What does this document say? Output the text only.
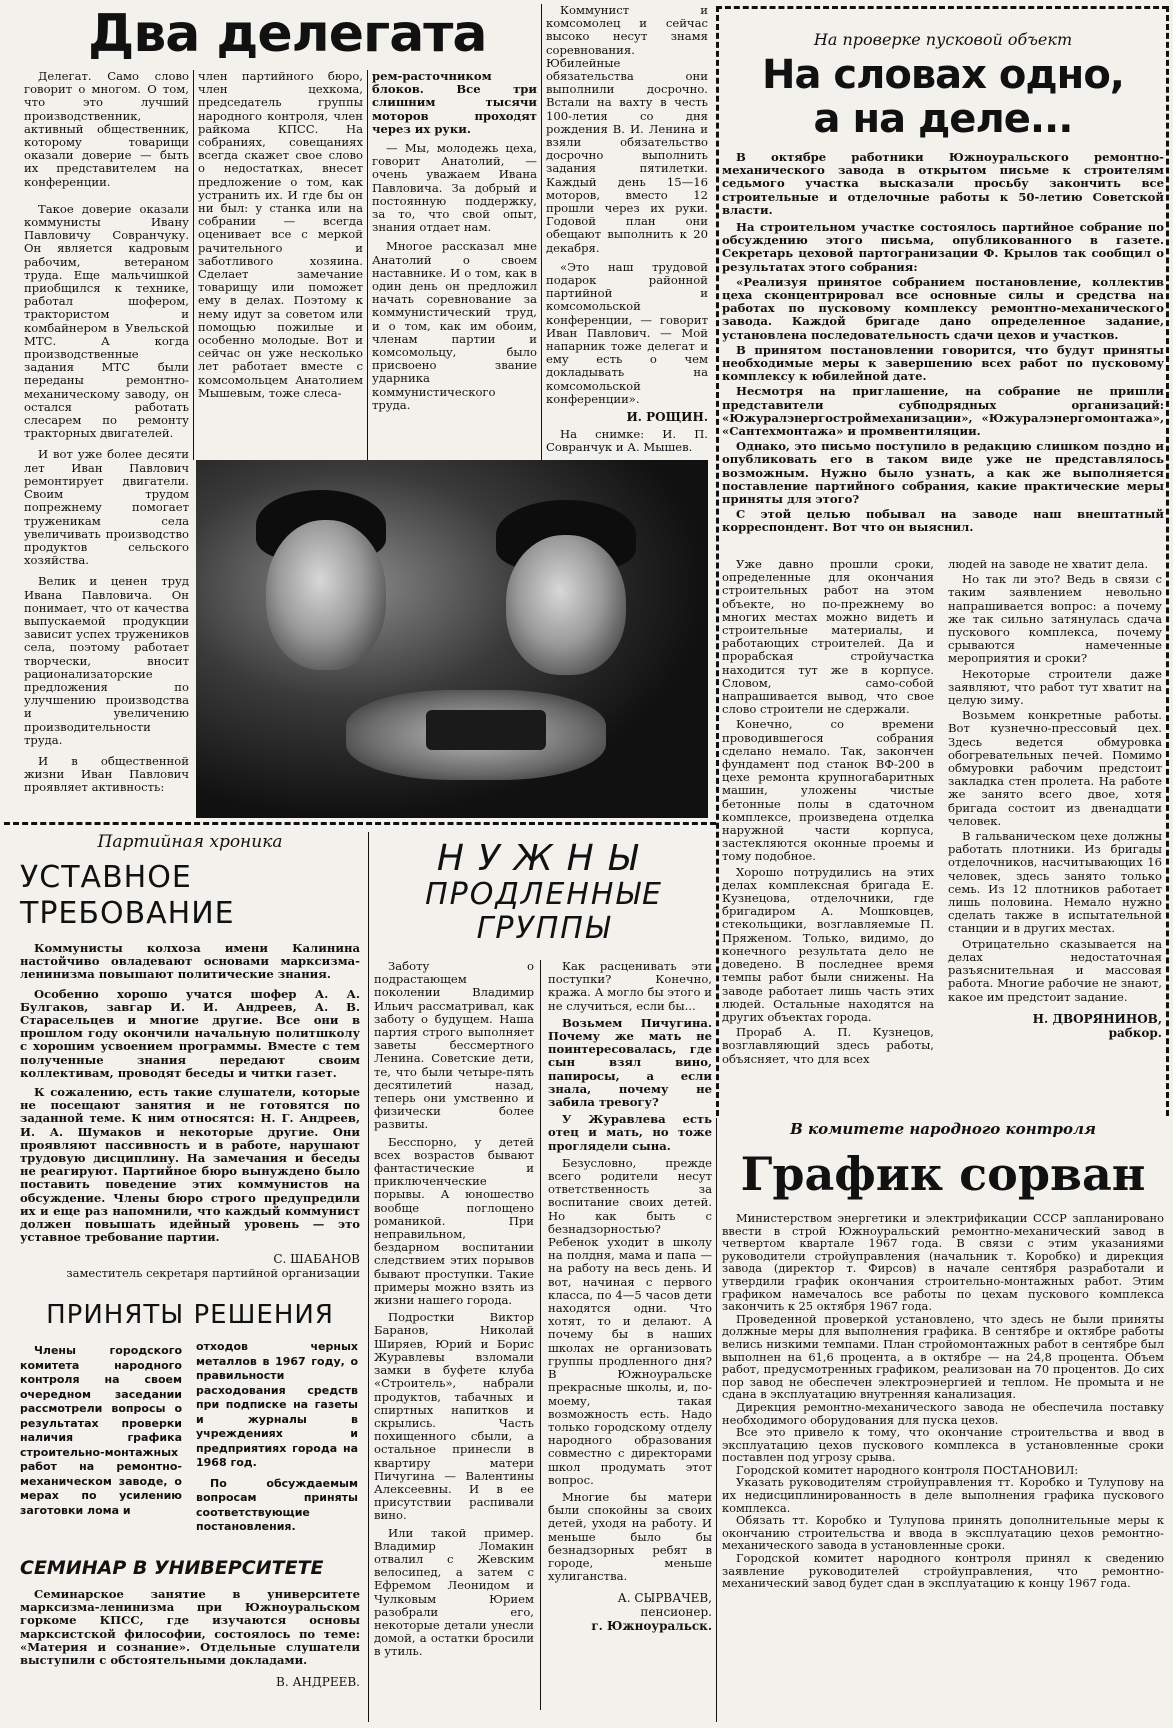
Два делегата

Делегат. Само слово говорит о многом. О том, что это лучший производственник, активный общественник, которому товарищи оказали доверие — быть их представителем на конференции.

Такое доверие оказали коммунисты Ивану Павловичу Совранчуку. Он является кадровым рабочим, ветераном труда. Еще мальчишкой приобщился к технике, работал шофером, трактористом и комбайнером в Увельской МТС. А когда производственные задания МТС были переданы ремонтно-механическому заводу, он остался работать слесарем по ремонту тракторных двигателей.

И вот уже более десяти лет Иван Павлович ремонтирует двигатели. Своим трудом попрежнему помогает труженикам села увеличивать производство продуктов сельского хозяйства.

Велик и ценен труд Ивана Павловича. Он понимает, что от качества выпускаемой продукции зависит успех тружеников села, поэтому работает творчески, вносит рационализаторские предложения по улучшению производства и увеличению производительности труда.

И в общественной жизни Иван Павлович проявляет активность:

член партийного бюро, член цехкома, председатель группы народного контроля, член райкома КПСС. На собраниях, совещаниях всегда скажет свое слово о недостатках, внесет предложение о том, как устранить их. И где бы он ни был: у станка или на собрании — всегда оценивает все с меркой рачительного и заботливого хозяина. Сделает замечание товарищу или поможет ему в делах. Поэтому к нему идут за советом или помощью пожилые и особенно молодые. Вот и сейчас он уже несколько лет работает вместе с комсомольцем Анатолием Мышевым, тоже слеса-

рем-расточником блоков. Все три слишним тысячи моторов проходят через их руки.

— Мы, молодежь цеха, говорит Анатолий, — очень уважаем Ивана Павловича. За добрый и постоянную поддержку, за то, что свой опыт, знания отдает нам.

Многое рассказал мне Анатолий о своем наставнике. И о том, как в один день он предложил начать соревнование за коммунистический труд, и о том, как им обоим, членам партии и комсомольцу, было присвоено звание ударника коммунистического труда.

Коммунист и комсомолец и сейчас высоко несут знамя соревнования. Юбилейные обязательства они выполнили досрочно. Встали на вахту в честь 100-летия со дня рождения В. И. Ленина и взяли обязательство досрочно выполнить задания пятилетки. Каждый день 15—16 моторов, вместо 12 прошли через их руки. Годовой план они обещают выполнить к 20 декабря.

«Это наш трудовой подарок районной партийной и комсомольской конференции, — говорит Иван Павлович. — Мой напарник тоже делегат и ему есть о чем докладывать на комсомольской конференции».

И. РОЩИН.

На снимке: И. П. Совранчук и А. Мышев.

На проверке пусковой объект

На словах одно,
а на деле...

В октябре работники Южноуральского ремонтно-механического завода в открытом письме к строителям седьмого участка высказали просьбу закончить все строительные и отделочные работы к 50-летию Советской власти.

На строительном участке состоялось партийное собрание по обсуждению этого письма, опубликованного в газете. Секретарь цеховой партогранизации Ф. Крылов так сообщил о результатах этого собрания:

«Реализуя принятое собранием постановление, коллектив цеха сконцентрировал все основные силы и средства на работах по пусковому комплексу ремонтно-механического завода. Каждой бригаде дано определенное задание, установлена последовательность сдачи цехов и участков.

В принятом постановлении говорится, что будут приняты необходимые меры к завершению всех работ по пусковому комплексу к юбилейной дате.

Несмотря на приглашение, на собрание не пришли представители субподрядных организаций: «Южуралэнергостроймеханизации», «Южуралэнергомонтажа», «Сантехмонтажа» и промвентиляции.

Однако, это письмо поступило в редакцию слишком поздно и опубликовать его в таком виде уже не представлялось возможным. Нужно было узнать, а как же выполняется поставление партийного собрания, какие практические меры приняты для этого?

С этой целью побывал на заводе наш внештатный корреспондент. Вот что он выяснил.

Уже давно прошли сроки, определенные для окончания строительных работ на этом объекте, но по-прежнему во многих местах можно видеть и строительные материалы, и работающих строителей. Да и прорабская стройучастка находится тут же в корпусе. Словом, само-собой напрашивается вывод, что свое слово строители не сдержали.

Конечно, со времени проводившегося собрания сделано немало. Так, закончен фундамент под станок ВФ-200 в цехе ремонта крупногабаритных машин, уложены чистые бетонные полы в сдаточном комплексе, произведена отделка наружной части корпуса, застекляются оконные проемы и тому подобное.

Хорошо потрудились на этих делах комплексная бригада Е. Кузнецова, отделочники, где бригадиром А. Мошковцев, стекольщики, возглавляемые П. Пряженом. Только, видимо, до конечного результата дело не доведено. В последнее время темпы работ были снижены. На заводе работает лишь часть этих людей. Остальные находятся на других объектах города.

Прораб А. П. Кузнецов, возглавляющий здесь работы, объясняет, что для всех

людей на заводе не хватит дела.

Но так ли это? Ведь в связи с таким заявлением невольно напрашивается вопрос: а почему же так сильно затянулась сдача пускового комплекса, почему срываются намеченные мероприятия и сроки?

Некоторые строители даже заявляют, что работ тут хватит на целую зиму.

Возьмем конкретные работы. Вот кузнечно-прессовый цех. Здесь ведется обмуровка обогревательных печей. Помимо обмуровки рабочим предстоит закладка стен пролета. На работе же занято всего двое, хотя бригада состоит из двенадцати человек.

В гальваническом цехе должны работать плотники. Из бригады отделочников, насчитывающих 16 человек, здесь занято только семь. Из 12 плотников работает лишь половина. Немало нужно сделать также в испытательной станции и в других местах.

Отрицательно сказывается на делах недостаточная разъяснительная и массовая работа. Многие рабочие не знают, какое им предстоит задание.

Н. ДВОРЯНИНОВ,

рабкор.

Партийная хроника

УСТАВНОЕ ТРЕБОВАНИЕ

Коммунисты колхоза имени Калинина настойчиво овладевают основами марксизма-ленинизма повышают политические знания.

Особенно хорошо учатся шофер А. А. Булгаков, завгар И. И. Андреев, А. В. Старасельцев и многие другие. Все они в прошлом году окончили начальную политшколу с хорошим усвоением программы. Вместе с тем полученные знания передают своим коллективам, проводят беседы и читки газет.

К сожалению, есть такие слушатели, которые не посещают занятия и не готовятся по заданной теме. К ним относятся: Н. Г. Андреев, И. А. Шумаков и некоторые другие. Они проявляют пассивность и в работе, нарушают трудовую дисциплину. На замечания и беседы не реагируют. Партийное бюро вынуждено было поставить поведение этих коммунистов на обсуждение. Члены бюро строго предупредили их и еще раз напомнили, что каждый коммунист должен повышать идейный уровень — это уставное требование партии.

С. ШАБАНОВ

заместитель секретаря партийной организации

ПРИНЯТЫ РЕШЕНИЯ

Члены городского комитета народного контроля на своем очередном заседании рассмотрели вопросы о результатах проверки наличия графика строительно-монтажных работ на ремонтно-механическом заводе, о мерах по усилению заготовки лома и

отходов черных металлов в 1967 году, о правильности расходования средств при подписке на газеты и журналы в учреждениях и предприятиях города на 1968 год.

По обсуждаемым вопросам приняты соответствующие постановления.

СЕМИНАР В УНИВЕРСИТЕТЕ

Семинарское занятие в университете марксизма-ленинизма при Южноуральском горкоме КПСС, где изучаются основы марксистской философии, состоялось по теме: «Материя и сознание». Отдельные слушатели выступили с обстоятельными докладами.

В. АНДРЕЕВ.

НУЖНЫ
ПРОДЛЕННЫЕ
ГРУППЫ

Заботу о подрастающем поколении Владимир Ильич рассматривал, как заботу о будущем. Наша партия строго выполняет заветы бессмертного Ленина. Советские дети, те, что были четыре-пять десятилетий назад, теперь они умственно и физически более развиты.

Бесспорно, у детей всех возрастов бывают фантастические и приключенческие порывы. А юношество вообще поглощено романикой. При неправильном, бездарном воспитании следствием этих порывов бывают проступки. Такие примеры можно взять из жизни нашего города.

Подростки Виктор Баранов, Николай Ширяев, Юрий и Борис Журавлевы взломали замки в буфете клуба «Строитель», набрали продуктов, табачных и спиртных напитков и скрылись. Часть похищенного сбыли, а остальное принесли в квартиру матери Пичугина — Валентины Алексеевны. И в ее присутствии распивали вино.

Или такой пример. Владимир Ломакин отвалил с Жевским велосипед, а затем с Ефремом Леонидом и Чулковым Юрием разобрали его, некоторые детали унесли домой, а остатки бросили в утиль.

Как расценивать эти поступки? Конечно, кража. А могло бы этого и не случиться, если бы...

Возьмем Пичугина. Почему же мать не поинтересовалась, где сын взял вино, папиросы, а если знала, почему не забила тревогу?

У Журавлева есть отец и мать, но тоже проглядели сына.

Безусловно, прежде всего родители несут ответственность за воспитание своих детей. Но как быть с безнадзорностью? Ребенок уходит в школу на полдня, мама и папа — на работу на весь день. И вот, начиная с первого класса, по 4—5 часов дети находятся одни. Что хотят, то и делают. А почему бы в наших школах не организовать группы продленного дня? В Южноуральске прекрасные школы, и, по-моему, такая возможность есть. Надо только городскому отделу народного образования совместно с директорами школ продумать этот вопрос.

Многие бы матери были спокойны за своих детей, уходя на работу. И меньше было бы безнадзорных ребят в городе, меньше хулиганства.

А. СЫРВАЧЕВ,

пенсионер.

г. Южноуральск.

В комитете народного контроля

График сорван

Министерством энергетики и электрификации СССР запланировано ввести в строй Южноуральский ремонтно-механический завод в четвертом квартале 1967 года. В связи с этим указаниями руководители стройуправления (начальник т. Коробко) и дирекция завода (директор т. Фирсов) в начале сентября разработали и утвердили график окончания строительно-монтажных работ. Этим графиком намечалось все работы по цехам пускового комплекса закончить к 25 октября 1967 года.

Проведенной проверкой установлено, что здесь не были приняты должные меры для выполнения графика. В сентябре и октябре работы велись низкими темпами. План стройомонтажных работ в сентябре был выполнен на 61,6 процента, а в октябре — на 24,8 процента. Объем работ, предусмотренных графиком, реализован на 70 процентов. До сих пор завод не обеспечен электроэнергией и теплом. Не промыта и не сдана в эксплуатацию внутренняя канализация.

Дирекция ремонтно-механического завода не обеспечила поставку необходимого оборудования для пуска цехов.

Все это привело к тому, что окончание строительства и ввод в эксплуатацию цехов пускового комплекса в установленные сроки поставлен под угрозу срыва.

Городской комитет народного контроля ПОСТАНОВИЛ:

Указать руководителям стройуправления тт. Коробко и Тулупову на их недисциплинированность в деле выполнения графика пускового комплекса.

Обязать тт. Коробко и Тулупова принять дополнительные меры к окончанию строительства и ввода в эксплуатацию цехов ремонтно-механического завода в установленные сроки.

Городской комитет народного контроля принял к сведению заявление руководителей стройуправления, что ремонтно-механический завод будет сдан в эксплуатацию к концу 1967 года.
